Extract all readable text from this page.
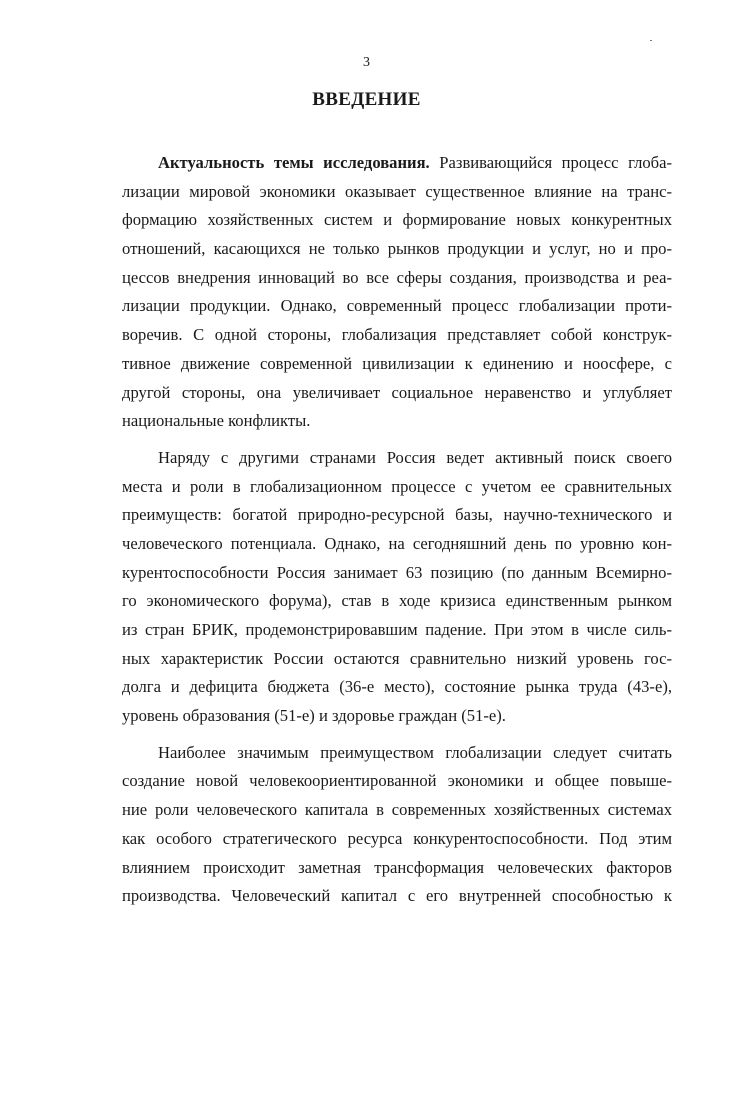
3
ВВЕДЕНИЕ
Актуальность темы исследования. Развивающийся процесс глоба-
лизации мировой экономики оказывает существенное влияние на транс-
формацию хозяйственных систем и формирование новых конкурентных
отношений, касающихся не только рынков продукции и услуг, но и про-
цессов внедрения инноваций во все сферы создания, производства и реа-
лизации продукции. Однако, современный процесс глобализации проти-
воречив. С одной стороны, глобализация представляет собой конструк-
тивное движение современной цивилизации к единению и ноосфере, с
другой стороны, она увеличивает социальное неравенство и углубляет
национальные конфликты.
Наряду с другими странами Россия ведет активный поиск своего
места и роли в глобализационном процессе с учетом ее сравнительных
преимуществ: богатой природно-ресурсной базы, научно-технического и
человеческого потенциала. Однако, на сегодняшний день по уровню кон-
курентоспособности Россия занимает 63 позицию (по данным Всемирно-
го экономического форума), став в ходе кризиса единственным рынком
из стран БРИК, продемонстрировавшим падение. При этом в числе силь-
ных характеристик России остаются сравнительно низкий уровень гос-
долга и дефицита бюджета (36-е место), состояние рынка труда (43-е),
уровень образования (51-е) и здоровье граждан (51-е).
Наиболее значимым преимуществом глобализации следует считать
создание новой человекоориентированной экономики и общее повыше-
ние роли человеческого капитала в современных хозяйственных системах
как особого стратегического ресурса конкурентоспособности. Под этим
влиянием происходит заметная трансформация человеческих факторов
производства. Человеческий капитал с его внутренней способностью к
